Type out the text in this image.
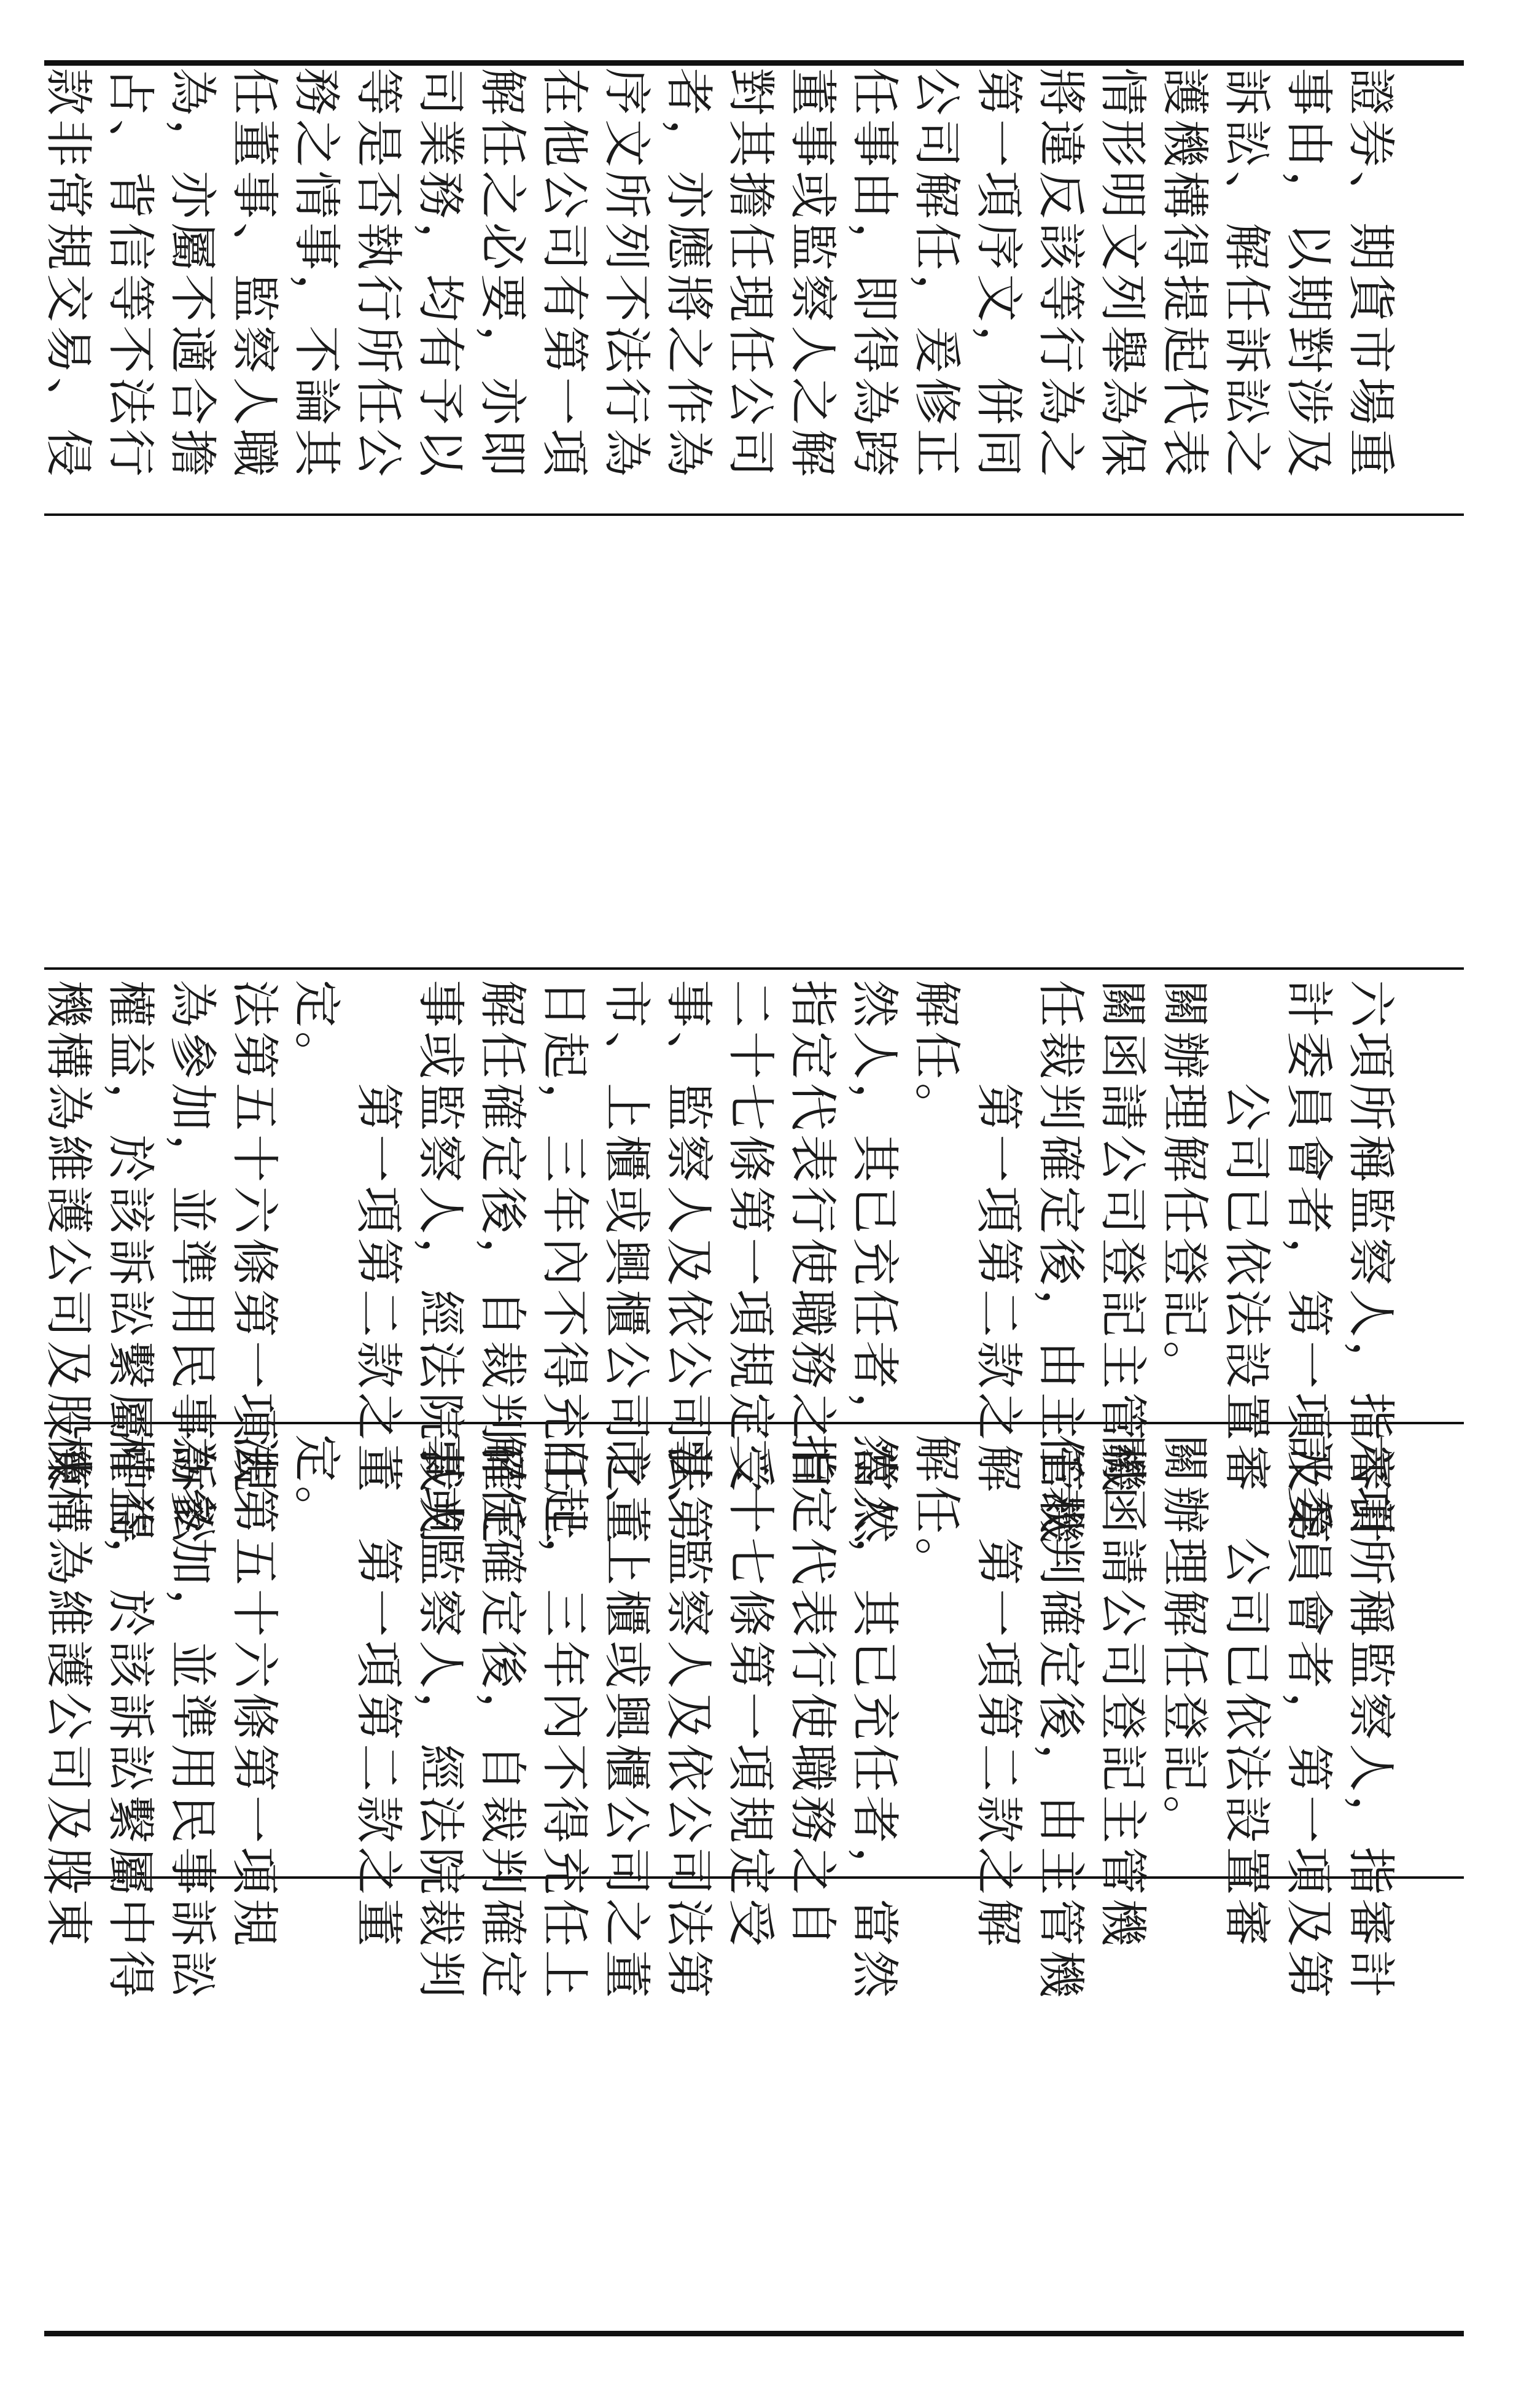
款非常規交易、侵 占、背信等不法行 為，亦屬不適合擔 任董事、監察人職 務之情事，不論其 等是否執行所任公 司業務，均有予以 解任之必要，亦即 在他公司有第一項 序文所列不法行為 者，亦應將之作為 對其擔任現任公司 董事或監察人之解 任事由，即得為跨 公司解任，爰修正 第一項序文，併同 將違反該等行為之 情形明文列舉為保 護機構得提起代表 訴訟、解任訴訟之 事由，以期對涉及 證券、期貨市場重
機構為維護公司及股東 權益，於該訴訟繫屬中得 為參加，並準用民事訴訟 法第五十六條第一項規 定。 　　第一項第二款之董 事或監察人，經法院裁判 解任確定後，自裁判確定 日起，三年內不得充任上 市、上櫃或興櫃公司之董 事、監察人及依公司法第 二十七條第一項規定受 指定代表行使職務之自 然人，其已充任者，當然 解任。 　　第一項第二款之解 任裁判確定後，由主管機 關函請公司登記主管機 關辦理解任登記。 　　公司已依法設置審 計委員會者，第一項及第 六項所稱監察人，指審計
機構為維護公司及股東 權益，於該訴訟繫屬中得 為參加，並準用民事訴訟 法第五十六條第一項規 定。 　　第一項第二款之董 事或監察人，經法院裁判 解任確定後，自裁判確定 日起，三年內不得充任上 市、上櫃或興櫃公司之董 事、監察人及依公司法第 二十七條第一項規定受 指定代表行使職務之自 然人，其已充任者，當然 解任。 　　第一項第二款之解 任裁判確定後，由主管機 關函請公司登記主管機 關辦理解任登記。 　　公司已依法設置審 計委員會者，第一項及第 六項所稱監察人，指審計
